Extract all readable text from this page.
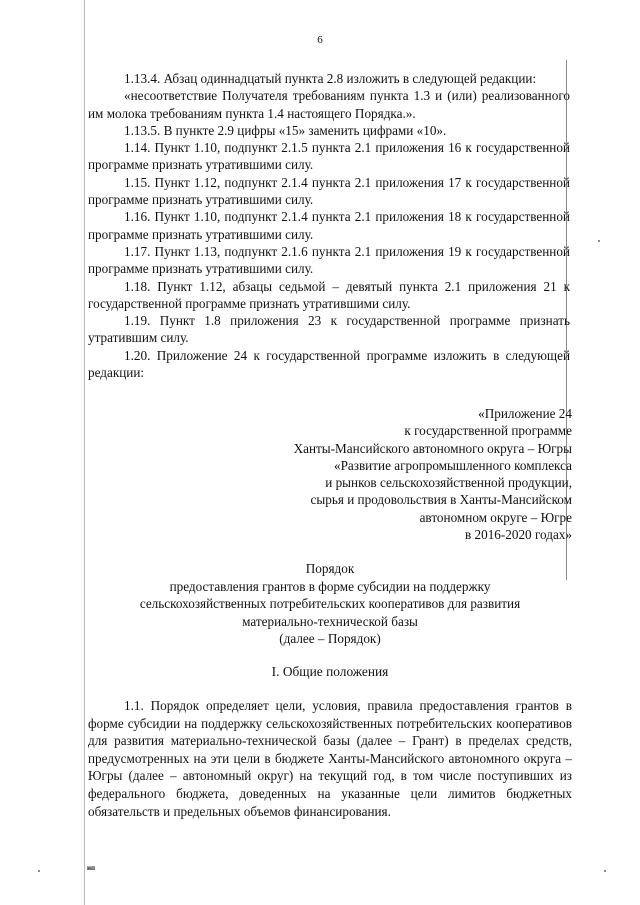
6

1.13.4. Абзац одиннадцатый пункта 2.8 изложить в следующей редакции:

«несоответствие Получателя требованиям пункта 1.3 и (или) реализованного им молока требованиям пункта 1.4 настоящего Порядка.».

1.13.5. В пункте 2.9 цифры «15» заменить цифрами «10».

1.14. Пункт 1.10, подпункт 2.1.5 пункта 2.1 приложения 16 к государственной программе признать утратившими силу.

1.15. Пункт 1.12, подпункт 2.1.4 пункта 2.1 приложения 17 к государственной программе признать утратившими силу.

1.16. Пункт 1.10, подпункт 2.1.4 пункта 2.1 приложения 18 к государственной программе признать утратившими силу.

1.17. Пункт 1.13, подпункт 2.1.6 пункта 2.1 приложения 19 к государственной программе признать утратившими силу.

1.18. Пункт 1.12, абзацы седьмой – девятый пункта 2.1 приложения 21 к государственной программе признать утратившими силу.

1.19. Пункт 1.8 приложения 23 к государственной программе признать утратившим силу.

1.20. Приложение 24 к государственной программе изложить в следующей редакции:

«Приложение 24
к государственной программе
Ханты-Мансийского автономного округа – Югры
«Развитие агропромышленного комплекса
и рынков сельскохозяйственной продукции,
сырья и продовольствия в Ханты-Мансийском
автономном округе – Югре
в 2016-2020 годах»
Порядок
предоставления грантов в форме субсидии на поддержку
сельскохозяйственных потребительских кооперативов для развития
материально-технической базы
(далее – Порядок)
I. Общие положения

1.1. Порядок определяет цели, условия, правила предоставления грантов в форме субсидии на поддержку сельскохозяйственных потребительских кооперативов для развития материально-технической базы (далее – Грант) в пределах средств, предусмотренных на эти цели в бюджете Ханты-Мансийского автономного округа – Югры (далее – автономный округ) на текущий год, в том числе поступивших из федерального бюджета, доведенных на указанные цели лимитов бюджетных обязательств и предельных объемов финансирования.

ип
